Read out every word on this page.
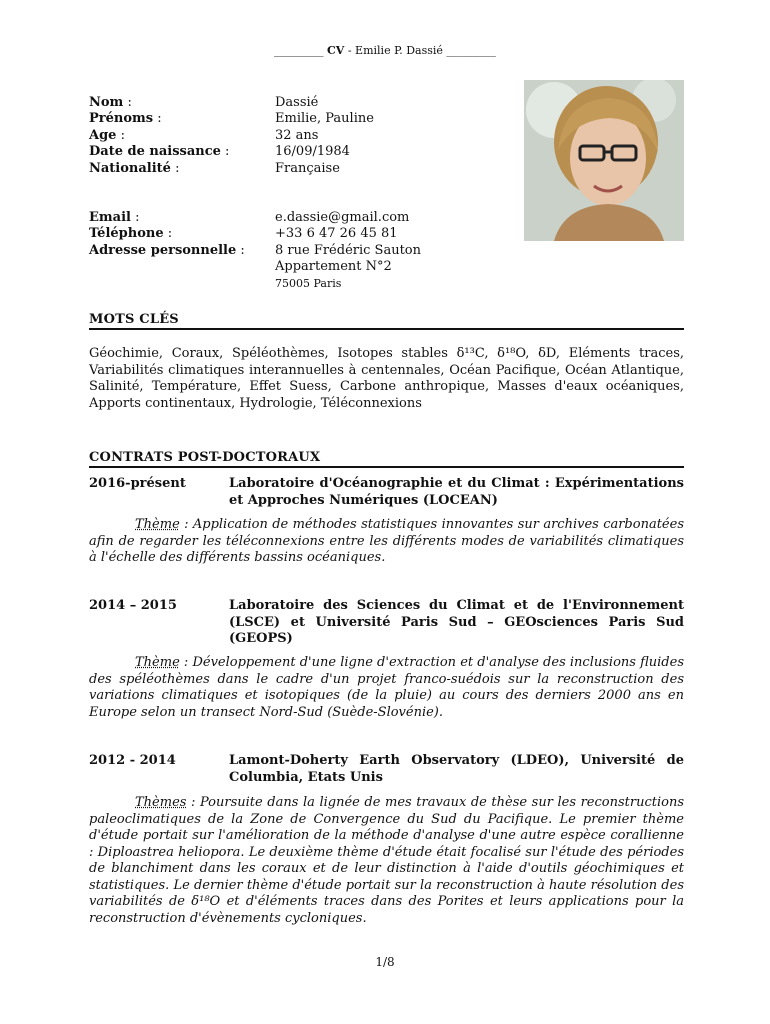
_________ CV - Emilie P. Dassié _________
Nom :	Dassié
Prénoms :	Emilie, Pauline
Age :	32 ans
Date de naissance :	16/09/1984
Nationalité :	Française
Email :	e.dassie@gmail.com
Téléphone :	+33 6 47 26 45 81
Adresse personnelle :	8 rue Frédéric Sauton
Appartement N°2
75005 Paris
MOTS CLÉS
Géochimie, Coraux, Spéléothèmes, Isotopes stables δ¹³C, δ¹⁸O, δD, Eléments traces, Variabilités climatiques interannuelles à centennales, Océan Pacifique, Océan Atlantique, Salinité, Température, Effet Suess, Carbone anthropique, Masses d'eaux océaniques, Apports continentaux, Hydrologie, Téléconnexions
CONTRATS POST-DOCTORAUX
2016-présent	Laboratoire d'Océanographie et du Climat : Expérimentations et Approches Numériques (LOCEAN)
Thème : Application de méthodes statistiques innovantes sur archives carbonatées afin de regarder les téléconnexions entre les différents modes de variabilités climatiques à l'échelle des différents bassins océaniques.
2014 – 2015	Laboratoire des Sciences du Climat et de l'Environnement (LSCE) et Université Paris Sud – GEOsciences Paris Sud (GEOPS)
Thème : Développement d'une ligne d'extraction et d'analyse des inclusions fluides des spéléothèmes dans le cadre d'un projet franco-suédois sur la reconstruction des variations climatiques et isotopiques (de la pluie) au cours des derniers 2000 ans en Europe selon un transect Nord-Sud (Suède-Slovénie).
2012 - 2014	Lamont-Doherty Earth Observatory (LDEO), Université de Columbia, Etats Unis
Thèmes : Poursuite dans la lignée de mes travaux de thèse sur les reconstructions paleoclimatiques de la Zone de Convergence du Sud du Pacifique. Le premier thème d'étude portait sur l'amélioration de la méthode d'analyse d'une autre espèce corallienne : Diploastrea heliopora. Le deuxième thème d'étude était focalisé sur l'étude des périodes de blanchiment dans les coraux et de leur distinction à l'aide d'outils géochimiques et statistiques. Le dernier thème d'étude portait sur la reconstruction à haute résolution des variabilités de δ¹⁸O et d'éléments traces dans des Porites et leurs applications pour la reconstruction d'évènements cycloniques.
1/8
